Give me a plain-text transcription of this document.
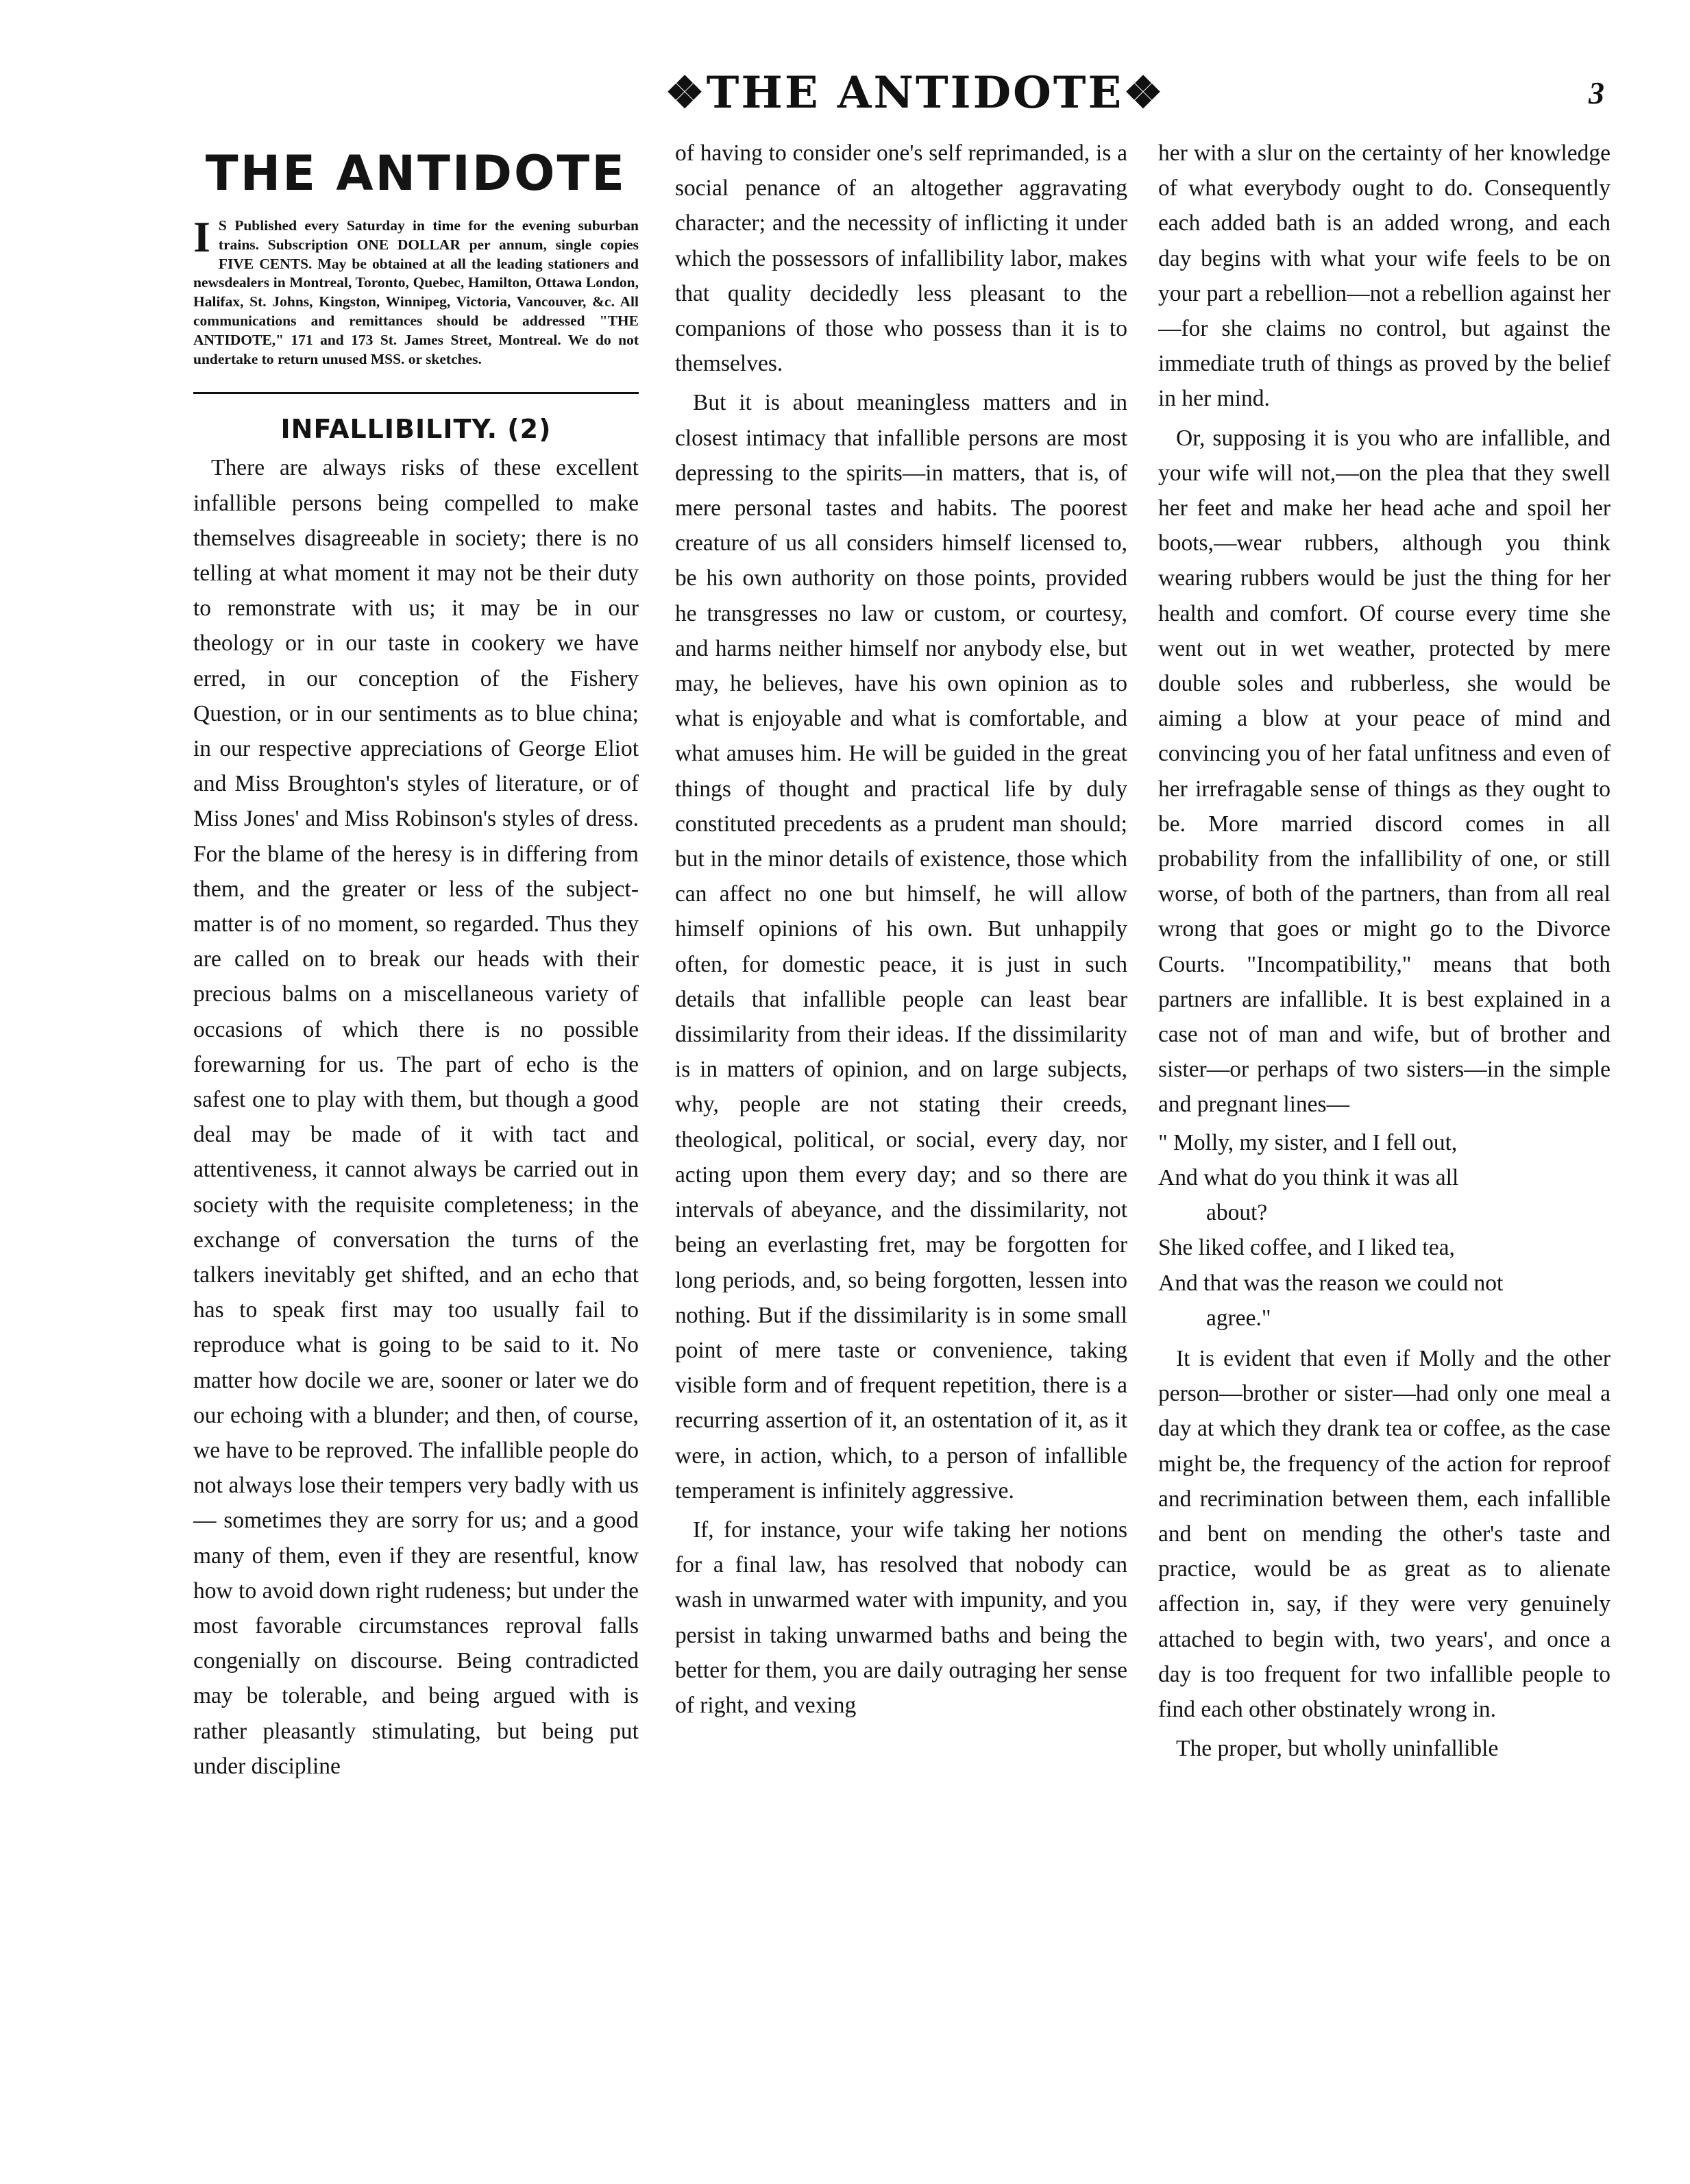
❖THE ANTIDOTE❖	3
THE ANTIDOTE

I S Published every Saturday in time for the evening suburban trains. Subscription ONE DOLLAR per annum, single copies FIVE CENTS. May be obtained at all the leading stationers and newsdealers in Montreal, Toronto, Quebec, Hamilton, Ottawa London, Halifax, St. Johns, Kingston, Winnipeg, Victoria, Vancouver, &c. All communications and remittances should be addressed "THE ANTIDOTE," 171 and 173 St. James Street, Montreal. We do not undertake to return unused MSS. or sketches.

INFALLIBILITY. (2)

There are always risks of these excellent infallible persons being compelled to make themselves disagreeable in society; there is no telling at what moment it may not be their duty to remonstrate with us; it may be in our theology or in our taste in cookery we have erred, in our conception of the Fishery Question, or in our sentiments as to blue china; in our respective appreciations of George Eliot and Miss Broughton's styles of literature, or of Miss Jones' and Miss Robinson's styles of dress. For the blame of the heresy is in differing from them, and the greater or less of the subject-matter is of no moment, so regarded. Thus they are called on to break our heads with their precious balms on a miscellaneous variety of occasions of which there is no possible forewarning for us. The part of echo is the safest one to play with them, but though a good deal may be made of it with tact and attentiveness, it cannot always be carried out in society with the requisite completeness; in the exchange of conversation the turns of the talkers inevitably get shifted, and an echo that has to speak first may too usually fail to reproduce what is going to be said to it. No matter how docile we are, sooner or later we do our echoing with a blunder; and then, of course, we have to be reproved. The infallible people do not always lose their tempers very badly with us — sometimes they are sorry for us; and a good many of them, even if they are resentful, know how to avoid down right rudeness; but under the most favorable circumstances reproval falls congenially on discourse. Being contradicted may be tolerable, and being argued with is rather pleasantly stimulating, but being put under discipline

of having to consider one's self reprimanded, is a social penance of an altogether aggravating character; and the necessity of inflicting it under which the possessors of infallibility labor, makes that quality decidedly less pleasant to the companions of those who possess than it is to themselves.

But it is about meaningless matters and in closest intimacy that infallible persons are most depressing to the spirits—in matters, that is, of mere personal tastes and habits. The poorest creature of us all considers himself licensed to, be his own authority on those points, provided he transgresses no law or custom, or courtesy, and harms neither himself nor anybody else, but may, he believes, have his own opinion as to what is enjoyable and what is comfortable, and what amuses him. He will be guided in the great things of thought and practical life by duly constituted precedents as a prudent man should; but in the minor details of existence, those which can affect no one but himself, he will allow himself opinions of his own. But unhappily often, for domestic peace, it is just in such details that infallible people can least bear dissimilarity from their ideas. If the dissimilarity is in matters of opinion, and on large subjects, why, people are not stating their creeds, theological, political, or social, every day, nor acting upon them every day; and so there are intervals of abeyance, and the dissimilarity, not being an everlasting fret, may be forgotten for long periods, and, so being forgotten, lessen into nothing. But if the dissimilarity is in some small point of mere taste or convenience, taking visible form and of frequent repetition, there is a recurring assertion of it, an ostentation of it, as it were, in action, which, to a person of infallible temperament is infinitely aggressive.

If, for instance, your wife taking her notions for a final law, has resolved that nobody can wash in unwarmed water with impunity, and you persist in taking unwarmed baths and being the better for them, you are daily outraging her sense of right, and vexing

her with a slur on the certainty of her knowledge of what everybody ought to do. Consequently each added bath is an added wrong, and each day begins with what your wife feels to be on your part a rebellion—not a rebellion against her—for she claims no control, but against the immediate truth of things as proved by the belief in her mind.

Or, supposing it is you who are infallible, and your wife will not,—on the plea that they swell her feet and make her head ache and spoil her boots,—wear rubbers, although you think wearing rubbers would be just the thing for her health and comfort. Of course every time she went out in wet weather, protected by mere double soles and rubberless, she would be aiming a blow at your peace of mind and convincing you of her fatal unfitness and even of her irrefragable sense of things as they ought to be. More married discord comes in all probability from the infallibility of one, or still worse, of both of the partners, than from all real wrong that goes or might go to the Divorce Courts. "Incompatibility," means that both partners are infallible. It is best explained in a case not of man and wife, but of brother and sister—or perhaps of two sisters—in the simple and pregnant lines—

" Molly, my sister, and I fell out,

And what do you think it was all

about?

She liked coffee, and I liked tea,

And that was the reason we could not

agree."

It is evident that even if Molly and the other person—brother or sister—had only one meal a day at which they drank tea or coffee, as the case might be, the frequency of the action for reproof and recrimination between them, each infallible and bent on mending the other's taste and practice, would be as great as to alienate affection in, say, if they were very genuinely attached to begin with, two years', and once a day is too frequent for two infallible people to find each other obstinately wrong in.

The proper, but wholly uninfallible
